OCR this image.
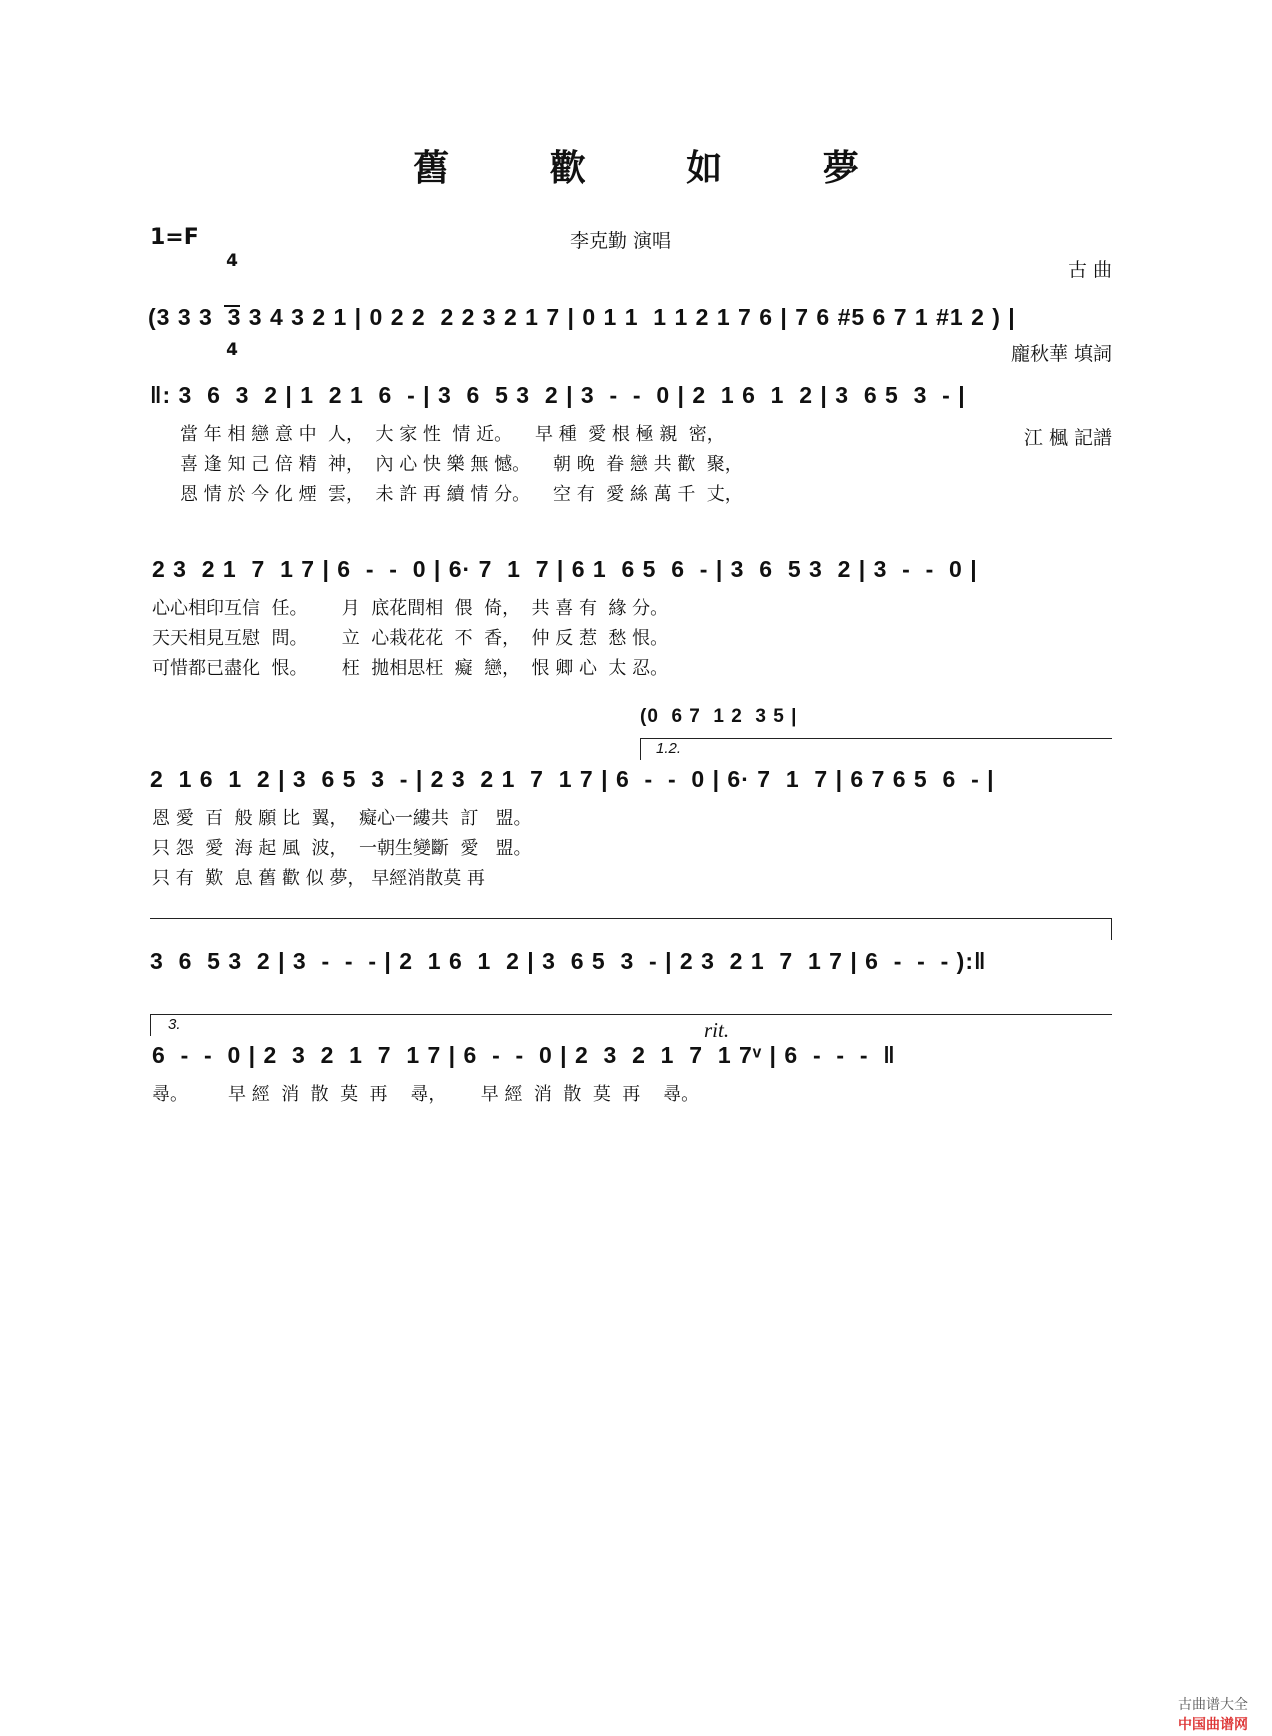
舊 歡 如 夢
1=F

4

4

李克勤 演唱

古 曲

龐秋華 填詞

江 楓 記譜

(3 3 3  3 3 4 3 2 1 | 0 2 2  2 2 3 2 1 7 | 0 1 1  1 1 2 1 7 6 | 7 6 #5 6 7 1 #1 2 ) |
‖: 3  6  3  2 | 1  2 1  6  - | 3  6  5 3  2 | 3  -  -  0 | 2  1 6  1  2 | 3  6 5  3  - |
當 年 相 戀 意 中  人，  大 家 性  情 近。    早 種  愛 根 極 親  密，
喜 逢 知 己 倍 精  神，  內 心 快 樂 無 憾。    朝 晚  眷 戀 共 歡  聚，
恩 情 於 今 化 煙  雲，  未 許 再 續 情 分。    空 有  愛 絲 萬 千  丈，
2 3  2 1  7  1 7 | 6  -  -  0 | 6· 7  1  7 | 6 1  6 5  6  - | 3  6  5 3  2 | 3  -  -  0 |
心心相印互信  任。      月  底花間相  偎  倚，  共 喜 有  緣 分。
天天相見互慰  問。      立  心栽花花  不  香，  仲 反 惹  愁 恨。
可惜都已盡化  恨。      枉  拋相思枉  癡  戀，  恨 卿 心  太 忍。
(0  6 7  1 2  3 5 |
1.2.
2  1 6  1  2 | 3  6 5  3  - | 2 3  2 1  7  1 7 | 6  -  -  0 | 6· 7  1  7 | 6 7 6 5  6  - |
恩 愛  百  般 願 比  翼，  癡心一縷共  訂   盟。
只 怨  愛  海 起 風  波，  一朝生變斷  愛   盟。
只 有  歎  息 舊 歡 似 夢， 早經消散莫 再
3  6  5 3  2 | 3  -  -  - | 2  1 6  1  2 | 3  6 5  3  - | 2 3  2 1  7  1 7 | 6  -  -  - ):‖
3.	rit.
6  -  -  0 | 2  3  2  1  7  1 7 | 6  -  -  0 | 2  3  2  1  7  1 7ᵛ | 6  -  -  -  ‖
尋。       早 經  消  散  莫  再    尋，      早 經  消  散  莫  再    尋。

古曲谱大全
中国曲谱网
